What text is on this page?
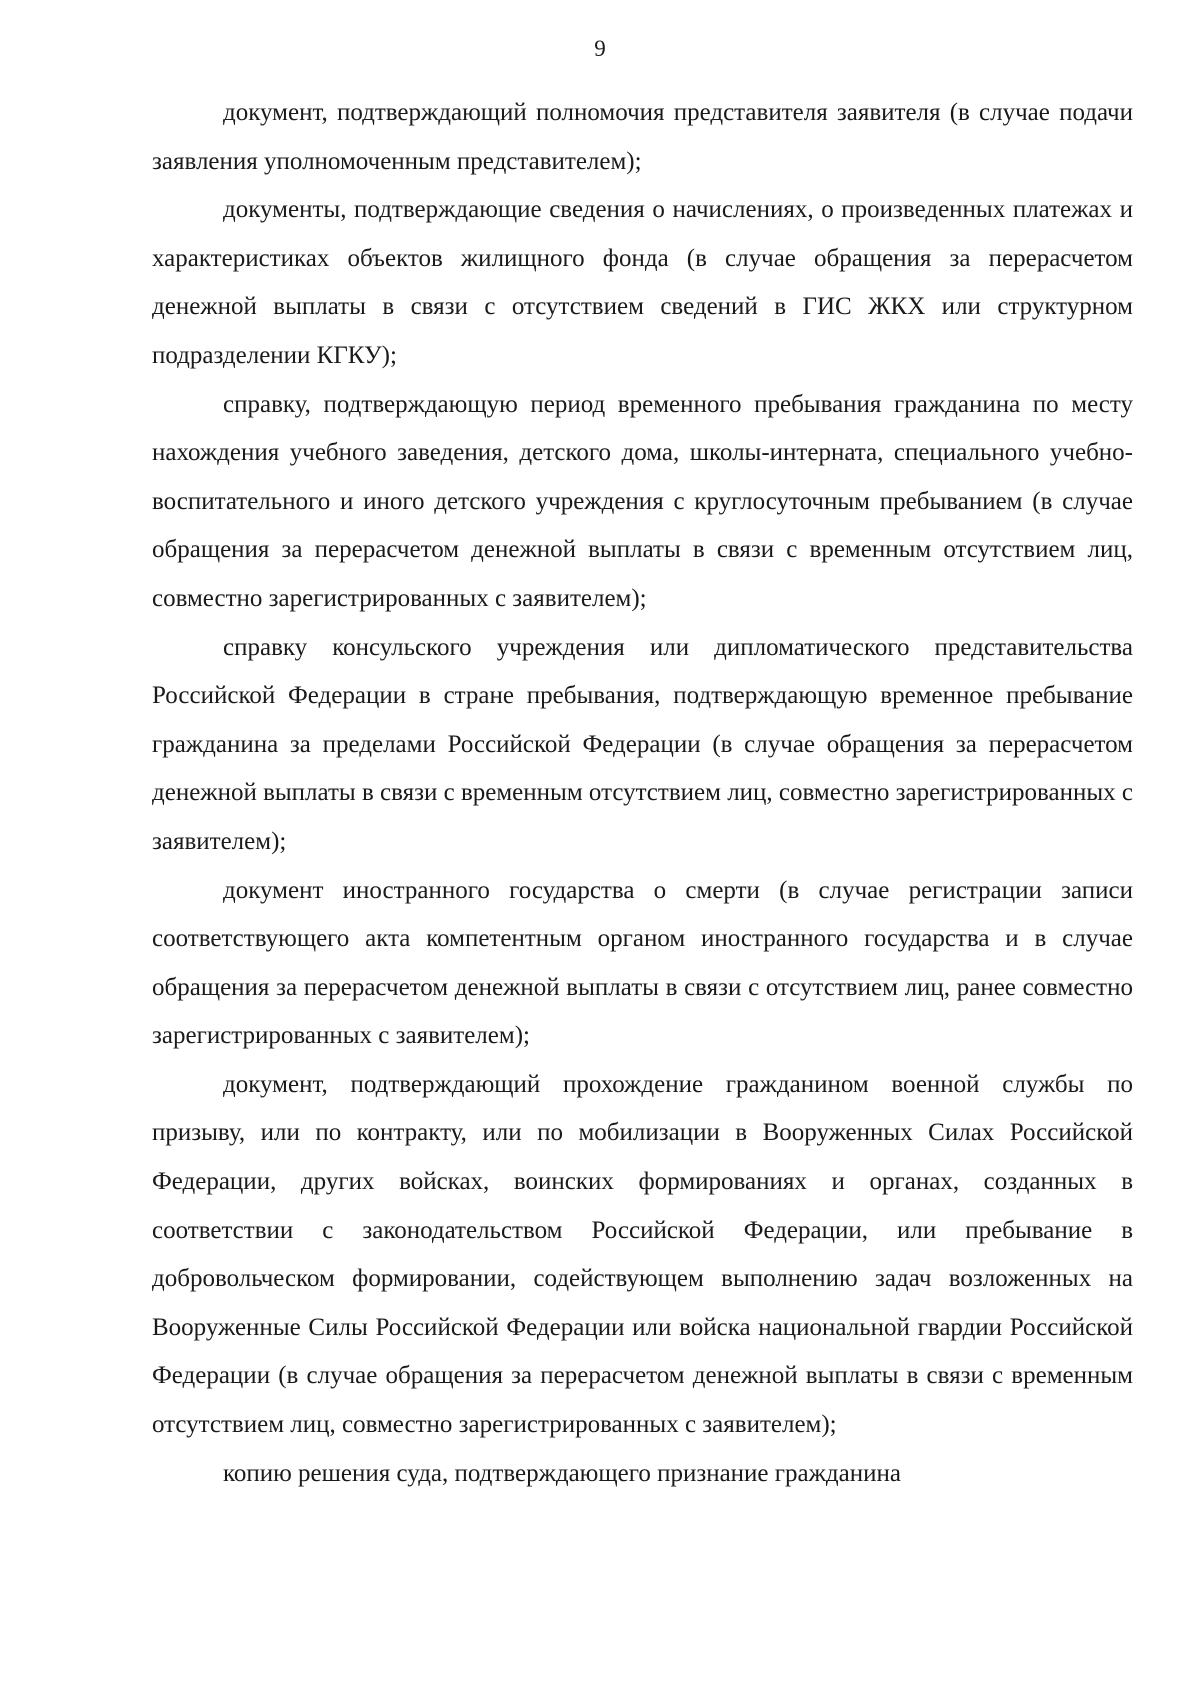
9

документ, подтверждающий полномочия представителя заявителя (в случае подачи заявления уполномоченным представителем);

документы, подтверждающие сведения о начислениях, о произведенных платежах и характеристиках объектов жилищного фонда (в случае обращения за перерасчетом денежной выплаты в связи с отсутствием сведений в ГИС ЖКХ или структурном подразделении КГКУ);

справку, подтверждающую период временного пребывания гражданина по месту нахождения учебного заведения, детского дома, школы-интерната, специального учебно-воспитательного и иного детского учреждения с круглосуточным пребыванием (в случае обращения за перерасчетом денежной выплаты в связи с временным отсутствием лиц, совместно зарегистрированных с заявителем);

справку консульского учреждения или дипломатического представительства Российской Федерации в стране пребывания, подтверждающую временное пребывание гражданина за пределами Российской Федерации (в случае обращения за перерасчетом денежной выплаты в связи с временным отсутствием лиц, совместно зарегистрированных с заявителем);

документ иностранного государства о смерти (в случае регистрации записи соответствующего акта компетентным органом иностранного государства и в случае обращения за перерасчетом денежной выплаты в связи с отсутствием лиц, ранее совместно зарегистрированных с заявителем);

документ, подтверждающий прохождение гражданином военной службы по призыву, или по контракту, или по мобилизации в Вооруженных Силах Российской Федерации, других войсках, воинских формированиях и органах, созданных в соответствии с законодательством Российской Федерации, или пребывание в добровольческом формировании, содействующем выполнению задач возложенных на Вооруженные Силы Российской Федерации или войска национальной гвардии Российской Федерации (в случае обращения за перерасчетом денежной выплаты в связи с временным отсутствием лиц, совместно зарегистрированных с заявителем);

копию решения суда, подтверждающего признание гражданина
